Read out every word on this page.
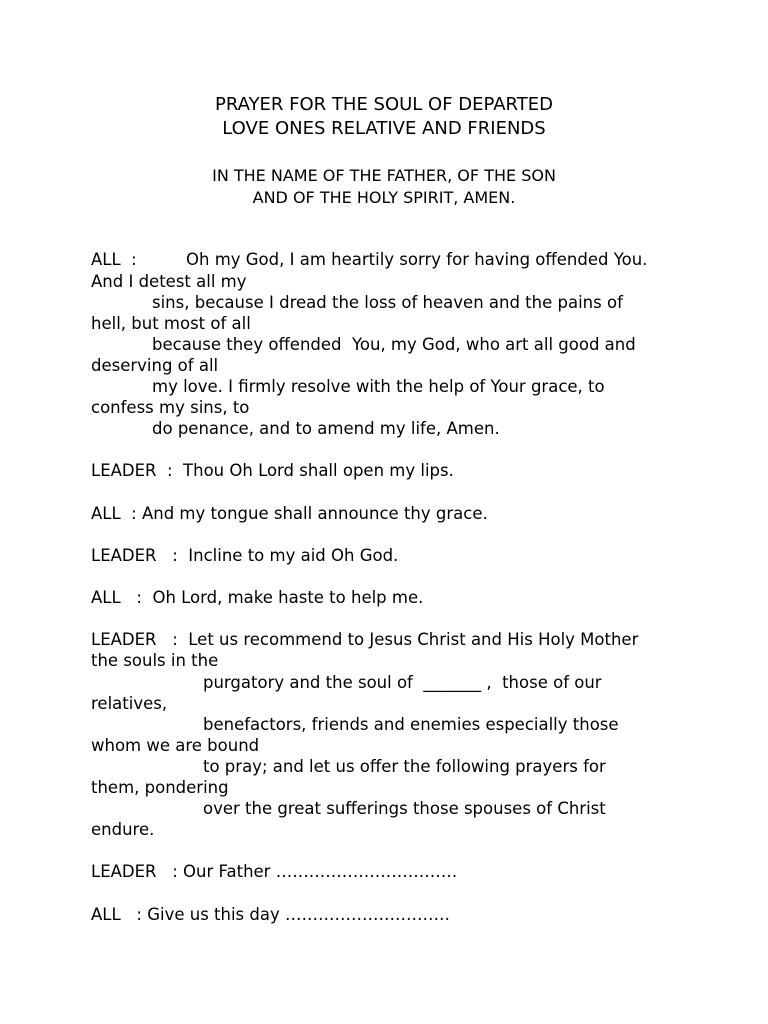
PRAYER FOR THE SOUL OF DEPARTED
LOVE ONES RELATIVE AND FRIENDS
IN THE NAME OF THE FATHER, OF THE SON
AND OF THE HOLY SPIRIT, AMEN.
ALL  :	Oh my God, I am heartily sorry for having offended You.
And I detest all my
sins, because I dread the loss of heaven and the pains of
hell, but most of all
because they offended  You, my God, who art all good and
deserving of all
my love. I firmly resolve with the help of Your grace, to
confess my sins, to
do penance, and to amend my life, Amen.
LEADER  :  Thou Oh Lord shall open my lips.
ALL  : And my tongue shall announce thy grace.
LEADER   :  Incline to my aid Oh God.
ALL   :  Oh Lord, make haste to help me.
LEADER   :  Let us recommend to Jesus Christ and His Holy Mother
the souls in the
purgatory and the soul of  _______ ,  those of our
relatives,
benefactors, friends and enemies especially those
whom we are bound
to pray; and let us offer the following prayers for
them, pondering
over the great sufferings those spouses of Christ
endure.
LEADER   : Our Father ……………………………
ALL   : Give us this day …………………………
